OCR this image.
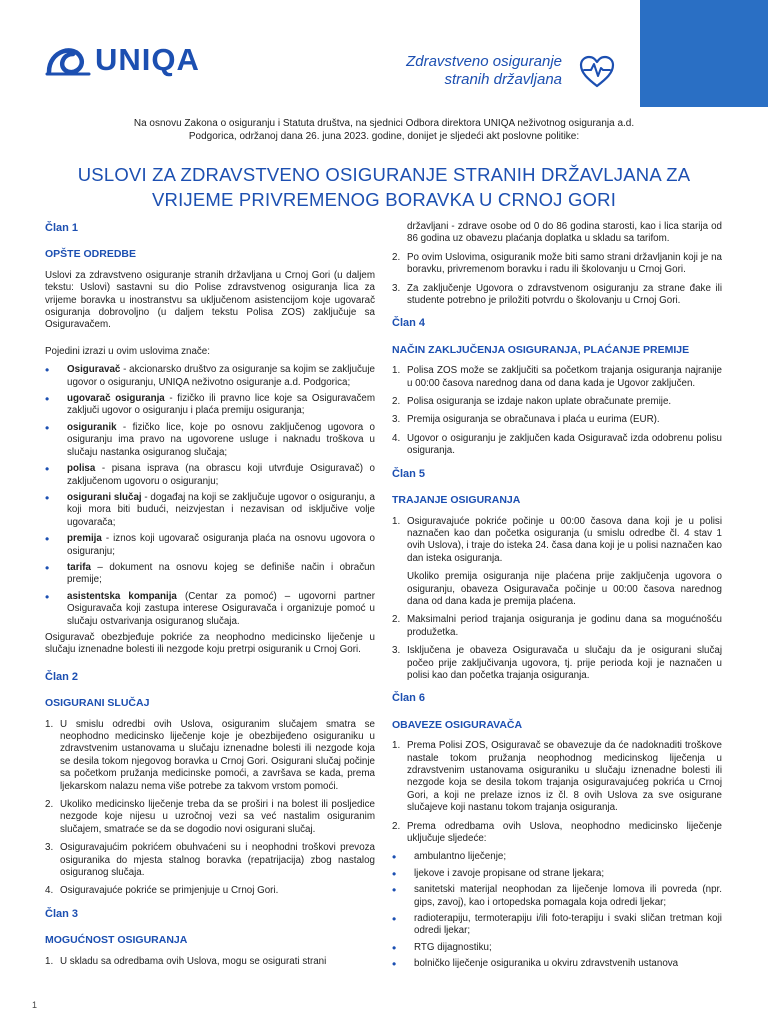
UNIQA	Zdravstveno osiguranje
stranih državljana
Na osnovu Zakona o osiguranju i Statuta društva, na sjednici Odbora direktora UNIQA neživotnog osiguranja a.d.
Podgorica, održanoj dana 26. juna 2023. godine, donijet je sljedeći akt poslovne politike:
USLOVI ZA ZDRAVSTVENO OSIGURANJE STRANIH DRŽAVLJANA ZA
VRIJEME PRIVREMENOG BORAVKA U CRNOJ GORI
Član 1
OPŠTE ODREDBE

Uslovi za zdravstveno osiguranje stranih državljana u Crnoj Gori (u daljem tekstu: Uslovi) sastavni su dio Polise zdravstvenog osiguranja lica za vrijeme boravka u inostranstvu sa uključenom asistencijom koje ugovarač osiguranja dobrovoljno (u daljem tekstu Polisa ZOS) zaključuje sa Osiguravačem.

Pojedini izrazi u ovim uslovima znače:

• Osiguravač - akcionarsko društvo za osiguranje sa kojim se zaključuje ugovor o osiguranju, UNIQA neživotno osiguranje a.d. Podgorica;
• ugovarač osiguranja - fizičko ili pravno lice koje sa Osiguravačem zaključi ugovor o osiguranju i plaća premiju osiguranja;
• osiguranik - fizičko lice, koje po osnovu zaključenog ugovora o osiguranju ima pravo na ugovorene usluge i naknadu troškova u slučaju nastanka osiguranog slučaja;
• polisa - pisana isprava (na obrascu koji utvrđuje Osiguravač) o zaključenom ugovoru o osiguranju;
• osigurani slučaj - događaj na koji se zaključuje ugovor o osiguranju, a koji mora biti budući, neizvjestan i nezavisan od isključive volje ugovarača;
• premija - iznos koji ugovarač osiguranja plaća na osnovu ugovora o osiguranju;
• tarifa – dokument na osnovu kojeg se definiše način i obračun premije;
• asistentska kompanija (Centar za pomoć) – ugovorni partner Osiguravača koji zastupa interese Osiguravača i organizuje pomoć u slučaju ostvarivanja osiguranog slučaja.

Osiguravač obezbjeđuje pokriće za neophodno medicinsko liječenje u slučaju iznenadne bolesti ili nezgode koju pretrpi osiguranik u Crnoj Gori.

Član 2
OSIGURANI SLUČAJ
1. U smislu odredbi ovih Uslova, osiguranim slučajem smatra se neophodno medicinsko liječenje koje je obezbijeđeno osiguraniku u zdravstvenim ustanovama u slučaju iznenadne bolesti ili nezgode koja se desila tokom njegovog boravka u Crnoj Gori. Osigurani slučaj počinje sa početkom pružanja medicinske pomoći, a završava se kada, prema ljekarskom nalazu nema više potrebe za takvom vrstom pomoći.
2. Ukoliko medicinsko liječenje treba da se proširi i na bolest ili posljedice nezgode koje nijesu u uzročnoj vezi sa već nastalim osiguranim slučajem, smatraće se da se dogodio novi osigurani slučaj.
3. Osiguravajućim pokrićem obuhvaćeni su i neophodni troškovi prevoza osiguranika do mjesta stalnog boravka (repatrijacija) zbog nastalog osiguranog slučaja.
4. Osiguravajuće pokriće se primjenjuje u Crnoj Gori.
Član 3
MOGUĆNOST OSIGURANJA
1. U skladu sa odredbama ovih Uslova, mogu se osigurati strani
državljani - zdrave osobe od 0 do 86 godina starosti, kao i lica starija od 86 godina uz obavezu plaćanja doplatka u skladu sa tarifom.
2. Po ovim Uslovima, osiguranik može biti samo strani državljanin koji je na boravku, privremenom boravku i radu ili školovanju u Crnoj Gori.
3. Za zaključenje Ugovora o zdravstvenom osiguranju za strane đake ili studente potrebno je priložiti potvrdu o školovanju u Crnoj Gori.
Član 4
NAČIN ZAKLJUČENJA OSIGURANJA, PLAĆANJE PREMIJE
1. Polisa ZOS može se zaključiti sa početkom trajanja osiguranja najranije u 00:00 časova narednog dana od dana kada je Ugovor zaključen.
2. Polisa osiguranja se izdaje nakon uplate obračunate premije.
3. Premija osiguranja se obračunava i plaća u eurima (EUR).
4. Ugovor o osiguranju je zaključen kada Osiguravač izda odobrenu polisu osiguranja.
Član 5
TRAJANJE OSIGURANJA
1. Osiguravajuće pokriće počinje u 00:00 časova dana koji je u polisi naznačen kao dan početka osiguranja (u smislu odredbe čl. 4 stav 1 ovih Uslova), i traje do isteka 24. časa dana koji je u polisi naznačen kao dan isteka osiguranja.
Ukoliko premija osiguranja nije plaćena prije zaključenja ugovora o osiguranju, obaveza Osiguravača počinje u 00:00 časova narednog dana od dana kada je premija plaćena.
2. Maksimalni period trajanja osiguranja je godinu dana sa mogućnošću produžetka.
3. Isključena je obaveza Osiguravača u slučaju da je osigurani slučaj počeo prije zaključivanja ugovora, tj. prije perioda koji je naznačen u polisi kao dan početka trajanja osiguranja.
Član 6
OBAVEZE OSIGURAVAČA
1. Prema Polisi ZOS, Osiguravač se obavezuje da će nadoknaditi troškove nastale tokom pružanja neophodnog medicinskog liječenja u zdravstvenim ustanovama osiguraniku u slučaju iznenadne bolesti ili nezgode koja se desila tokom trajanja osiguravajućeg pokrića u Crnoj Gori, a koji ne prelaze iznos iz čl. 8 ovih Uslova za sve osigurane slučajeve koji nastanu tokom trajanja osiguranja.
2. Prema odredbama ovih Uslova, neophodno medicinsko liječenje uključuje sljedeće:
• ambulantno liječenje;
• ljekove i zavoje propisane od strane ljekara;
• sanitetski materijal neophodan za liječenje lomova ili povreda (npr. gips, zavoj), kao i ortopedska pomagala koja odredi ljekar;
• radioterapiju, termoterapiju i/ili foto-terapiju i svaki sličan tretman koji odredi ljekar;
• RTG dijagnostiku;
• bolničko liječenje osiguranika u okviru zdravstvenih ustanova
1
